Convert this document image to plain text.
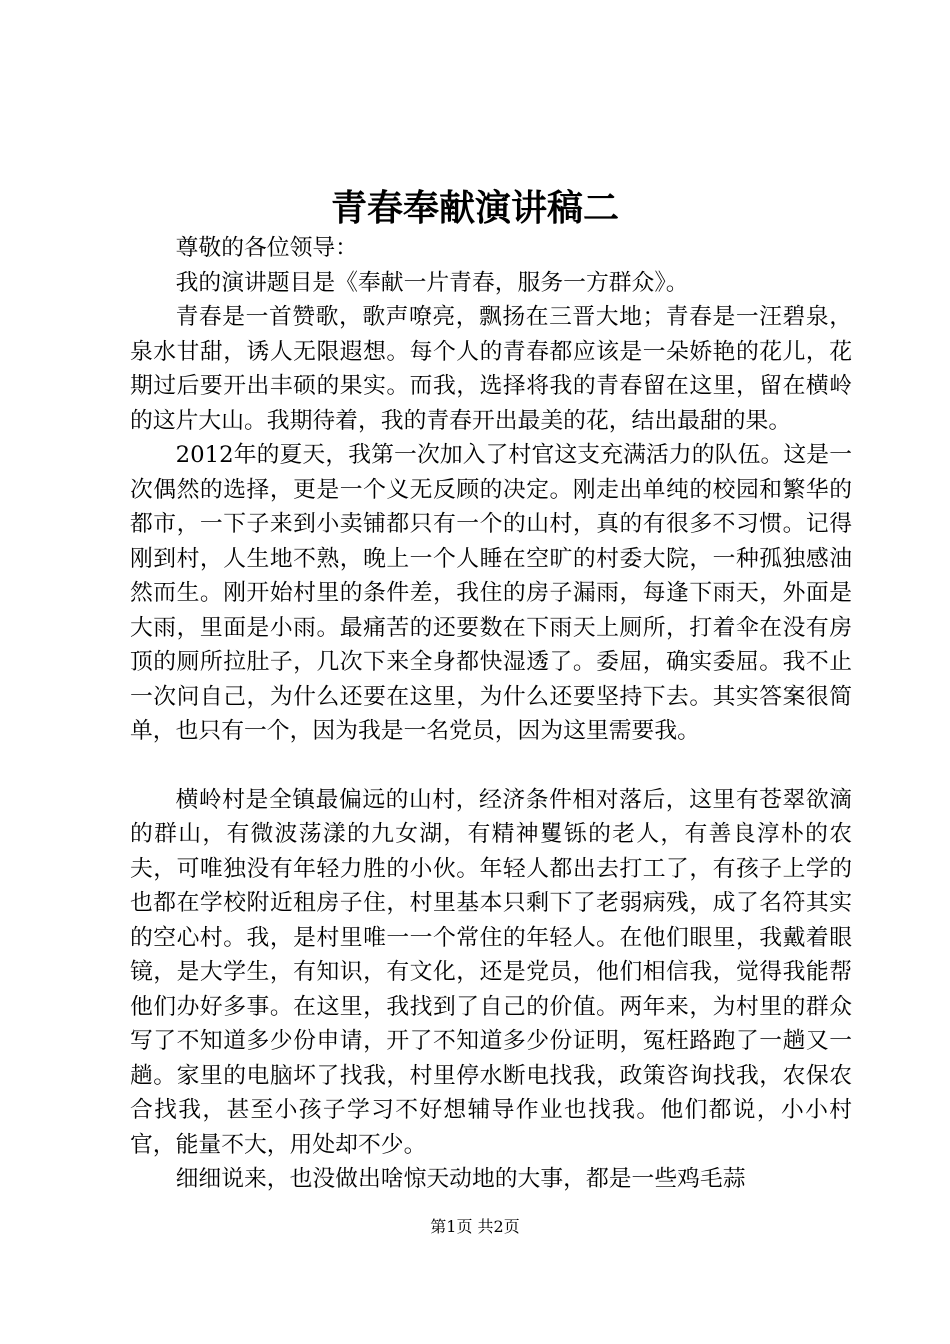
青春奉献演讲稿二

尊敬的各位领导：

我的演讲题目是《奉献一片青春，服务一方群众》。

青春是一首赞歌，歌声嘹亮，飘扬在三晋大地；青春是一汪碧泉，泉水甘甜，诱人无限遐想。每个人的青春都应该是一朵娇艳的花儿，花期过后要开出丰硕的果实。而我，选择将我的青春留在这里，留在横岭的这片大山。我期待着，我的青春开出最美的花，结出最甜的果。

2012年的夏天，我第一次加入了村官这支充满活力的队伍。这是一次偶然的选择，更是一个义无反顾的决定。刚走出单纯的校园和繁华的都市，一下子来到小卖铺都只有一个的山村，真的有很多不习惯。记得刚到村，人生地不熟，晚上一个人睡在空旷的村委大院，一种孤独感油然而生。刚开始村里的条件差，我住的房子漏雨，每逢下雨天，外面是大雨，里面是小雨。最痛苦的还要数在下雨天上厕所，打着伞在没有房顶的厕所拉肚子，几次下来全身都快湿透了。委屈，确实委屈。我不止一次问自己，为什么还要在这里，为什么还要坚持下去。其实答案很简单，也只有一个，因为我是一名党员，因为这里需要我。

横岭村是全镇最偏远的山村，经济条件相对落后，这里有苍翠欲滴的群山，有微波荡漾的九女湖，有精神矍铄的老人，有善良淳朴的农夫，可唯独没有年轻力胜的小伙。年轻人都出去打工了，有孩子上学的也都在学校附近租房子住，村里基本只剩下了老弱病残，成了名符其实的空心村。我，是村里唯一一个常住的年轻人。在他们眼里，我戴着眼镜，是大学生，有知识，有文化，还是党员，他们相信我，觉得我能帮他们办好多事。在这里，我找到了自己的价值。两年来，为村里的群众写了不知道多少份申请，开了不知道多少份证明，冤枉路跑了一趟又一趟。家里的电脑坏了找我，村里停水断电找我，政策咨询找我，农保农合找我，甚至小孩子学习不好想辅导作业也找我。他们都说，小小村官，能量不大，用处却不少。

细细说来，也没做出啥惊天动地的大事，都是一些鸡毛蒜

第1页 共2页
